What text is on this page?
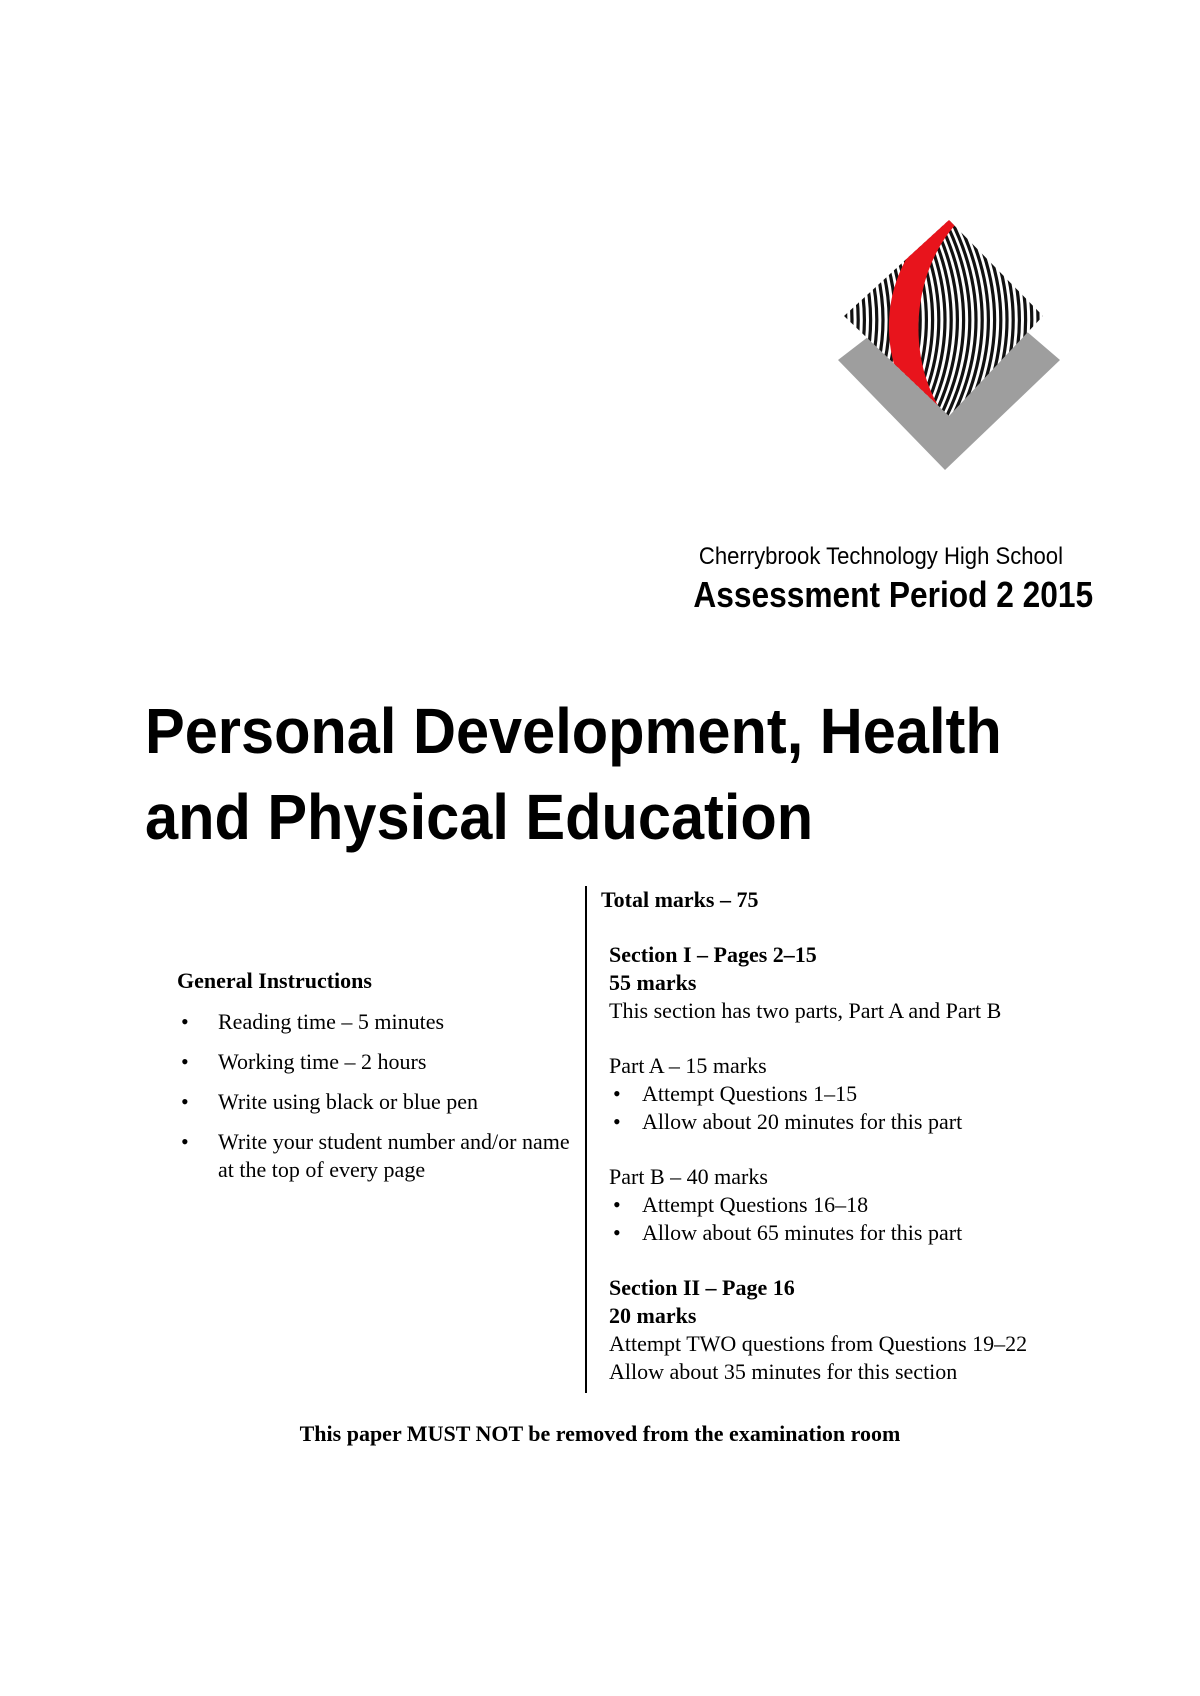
Cherrybrook Technology High School
Assessment Period 2 2015
Personal Development, Health
and Physical Education
General Instructions
• Reading time – 5 minutes
• Working time – 2 hours
• Write using black or blue pen
• Write your student number and/or name at the top of every page
Total marks – 75
Section I – Pages 2–15
55 marks
This section has two parts, Part A and Part B
Part A – 15 marks
• Attempt Questions 1–15
• Allow about 20 minutes for this part
Part B – 40 marks
• Attempt Questions 16–18
• Allow about 65 minutes for this part
Section II – Page 16
20 marks
Attempt TWO questions from Questions 19–22
Allow about 35 minutes for this section
This paper MUST NOT be removed from the examination room
